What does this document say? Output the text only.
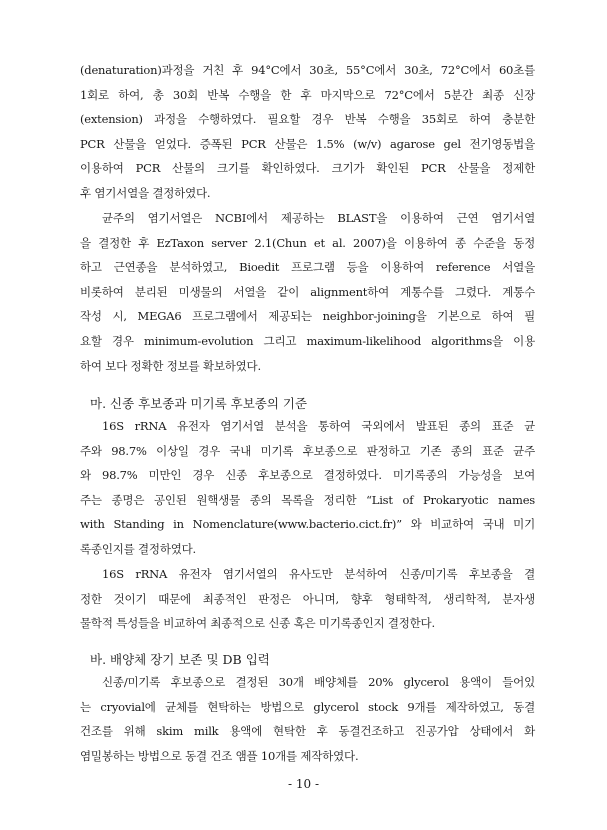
(denaturation)과정을 거친 후 94°C에서 30초, 55°C에서 30초, 72°C에서 60초를
1회로 하여, 총 30회 반복 수행을 한 후 마지막으로 72°C에서 5분간 최종 신장
(extension) 과정을 수행하였다. 필요할 경우 반복 수행을 35회로 하여 충분한
PCR 산물을 얻었다. 증폭된 PCR 산물은 1.5% (w/v) agarose gel 전기영동법을
이용하여 PCR 산물의 크기를 확인하였다. 크기가 확인된 PCR 산물을 정제한
후 염기서열을 결정하였다.
균주의 염기서열은 NCBI에서 제공하는 BLAST을 이용하여 근연 염기서열
을 결정한 후 EzTaxon server 2.1(Chun et al. 2007)을 이용하여 종 수준을 동정
하고 근연종을 분석하였고, Bioedit 프로그램 등을 이용하여 reference 서열을
비롯하여 분리된 미생물의 서열을 같이 alignment하여 계통수를 그렸다. 계통수
작성 시, MEGA6 프로그램에서 제공되는 neighbor-joining을 기본으로 하여 필
요할 경우 minimum-evolution 그리고 maximum-likelihood algorithms을 이용
하여 보다 정확한 정보를 확보하였다.
마. 신종 후보종과 미기록 후보종의 기준
16S rRNA 유전자 염기서열 분석을 통하여 국외에서 발표된 종의 표준 균
주와 98.7% 이상일 경우 국내 미기록 후보종으로 판정하고 기존 종의 표준 균주
와 98.7% 미만인 경우 신종 후보종으로 결정하였다. 미기록종의 가능성을 보여
주는 종명은 공인된 원핵생물 종의 목록을 정리한 “List of Prokaryotic names
with Standing in Nomenclature(www.bacterio.cict.fr)” 와 비교하여 국내 미기
록종인지를 결정하였다.
16S rRNA 유전자 염기서열의 유사도만 분석하여 신종/미기록 후보종을 결
정한 것이기 때문에 최종적인 판정은 아니며, 향후 형태학적, 생리학적, 분자생
물학적 특성들을 비교하여 최종적으로 신종 혹은 미기록종인지 결정한다.
바. 배양체 장기 보존 및 DB 입력
신종/미기록 후보종으로 결정된 30개 배양체를 20% glycerol 용액이 들어있
는 cryovial에 균체를 현탁하는 방법으로 glycerol stock 9개를 제작하였고, 동결
건조를 위해 skim milk 용액에 현탁한 후 동결건조하고 진공가압 상태에서 화
염밀봉하는 방법으로 동결 건조 앰플 10개를 제작하였다.
- 10 -
